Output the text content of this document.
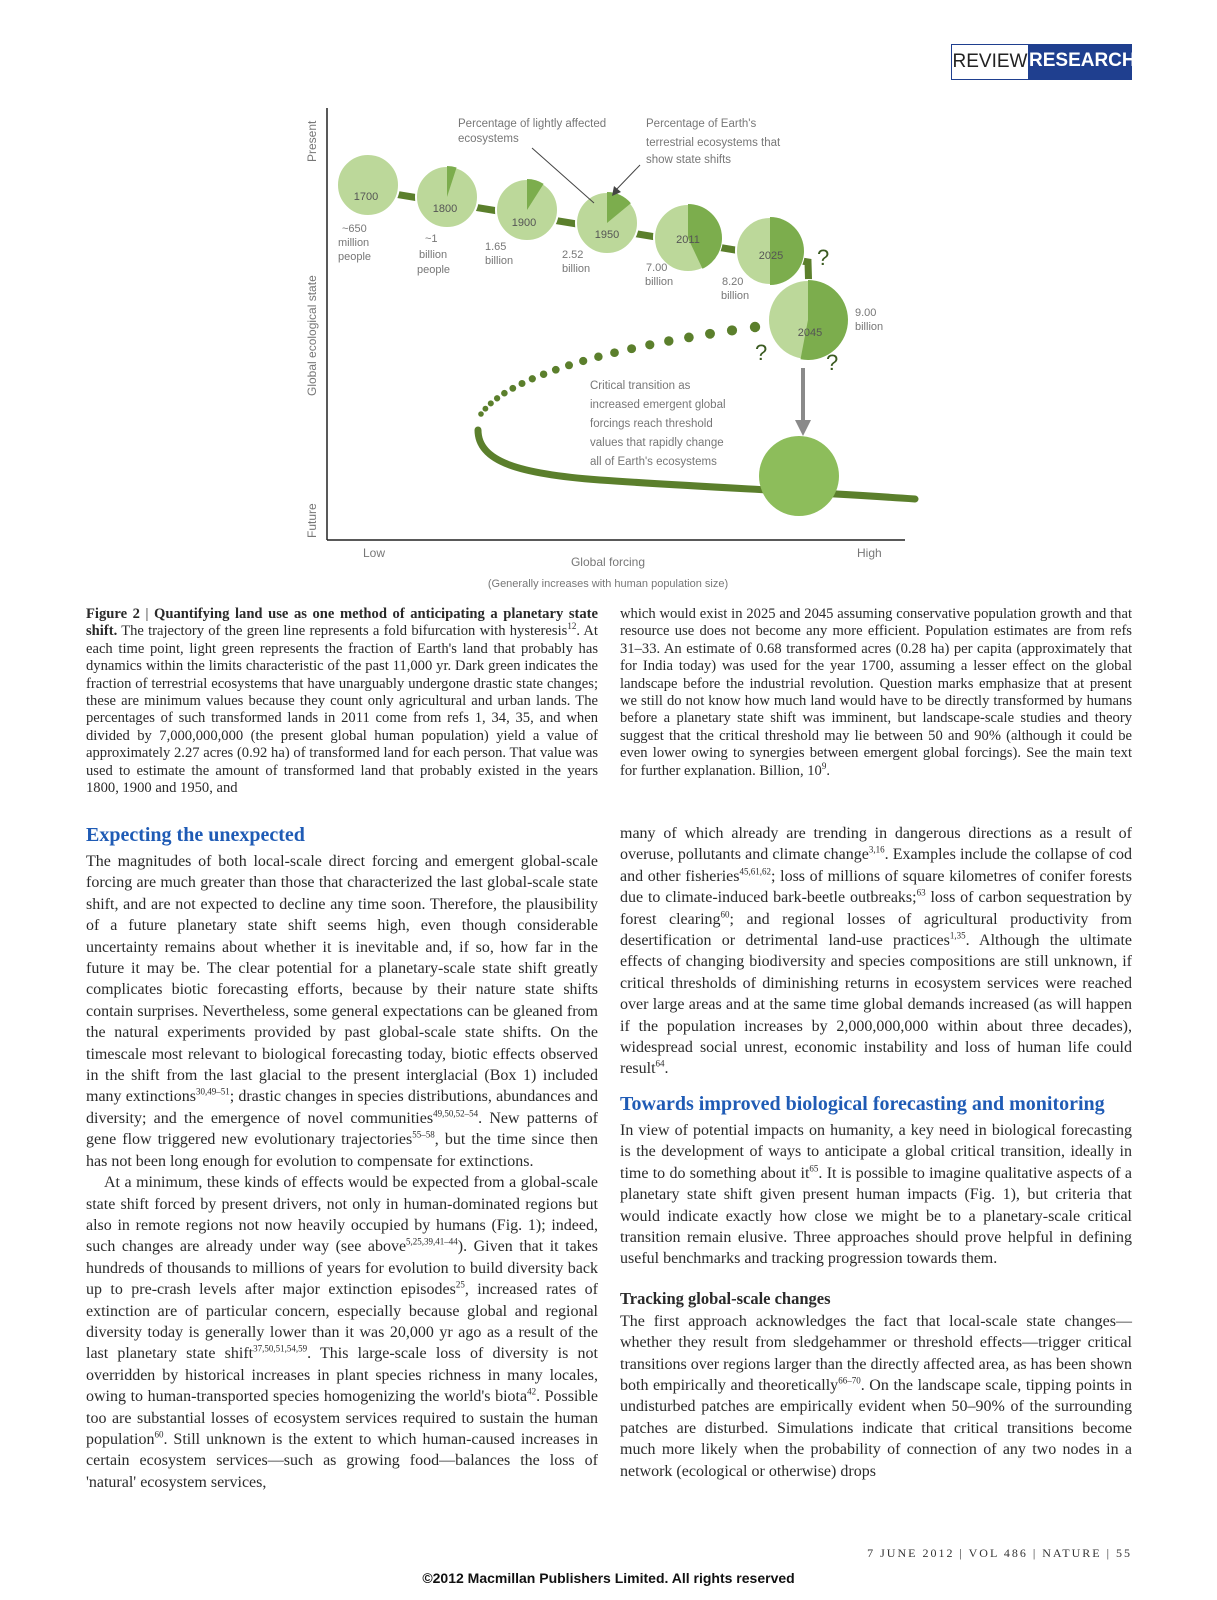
REVIEW RESEARCH
Present
Global ecological state
Future
Low	High
Global forcing
(Generally increases with human population size)
1700
1800
1900
1950	2011
2025
2045
~650
million
people
~1
billion
people
1.65
billion	2.52
billion	7.00
billion	8.20
billion
9.00
billion
Percentage of lightly affected
ecosystems
Percentage of Earth's
terrestrial ecosystems that
show state shifts
Critical transition as
increased emergent global
forcings reach threshold
values that rapidly change
all of Earth's ecosystems
?
?	?

Figure 2 | Quantifying land use as one method of anticipating a planetary state shift. The trajectory of the green line represents a fold bifurcation with hysteresis$^{12}$. At each time point, light green represents the fraction of Earth's land that probably has dynamics within the limits characteristic of the past 11,000 yr. Dark green indicates the fraction of terrestrial ecosystems that have unarguably undergone drastic state changes; these are minimum values because they count only agricultural and urban lands. The percentages of such transformed lands in 2011 come from refs 1, 34, 35, and when divided by 7,000,000,000 (the present global human population) yield a value of approximately 2.27 acres (0.92 ha) of transformed land for each person. That value was used to estimate the amount of transformed land that probably existed in the years 1800, 1900 and 1950, and

which would exist in 2025 and 2045 assuming conservative population growth and that resource use does not become any more efficient. Population estimates are from refs 31–33. An estimate of 0.68 transformed acres (0.28 ha) per capita (approximately that for India today) was used for the year 1700, assuming a lesser effect on the global landscape before the industrial revolution. Question marks emphasize that at present we still do not know how much land would have to be directly transformed by humans before a planetary state shift was imminent, but landscape-scale studies and theory suggest that the critical threshold may lie between 50 and 90% (although it could be even lower owing to synergies between emergent global forcings). See the main text for further explanation. Billion, $10^9$.

Expecting the unexpected

The magnitudes of both local-scale direct forcing and emergent global-scale forcing are much greater than those that characterized the last global-scale state shift, and are not expected to decline any time soon. Therefore, the plausibility of a future planetary state shift seems high, even though considerable uncertainty remains about whether it is inevitable and, if so, how far in the future it may be. The clear potential for a planetary-scale state shift greatly complicates biotic forecasting efforts, because by their nature state shifts contain surprises. Nevertheless, some general expectations can be gleaned from the natural experiments provided by past global-scale state shifts. On the timescale most relevant to biological forecasting today, biotic effects observed in the shift from the last glacial to the present interglacial (Box 1) included many extinctions$^{30,49-51}$; drastic changes in species distributions, abundances and diversity; and the emergence of novel communities$^{49,50,52-54}$. New patterns of gene flow triggered new evolutionary trajectories$^{55-58}$, but the time since then has not been long enough for evolution to compensate for extinctions.

At a minimum, these kinds of effects would be expected from a global-scale state shift forced by present drivers, not only in human-dominated regions but also in remote regions not now heavily occupied by humans (Fig. 1); indeed, such changes are already under way (see above$^{5,25,39,41-44}$). Given that it takes hundreds of thousands to millions of years for evolution to build diversity back up to pre-crash levels after major extinction episodes$^{25}$, increased rates of extinction are of particular concern, especially because global and regional diversity today is generally lower than it was 20,000 yr ago as a result of the last planetary state shift$^{37,50,51,54,59}$. This large-scale loss of diversity is not overridden by historical increases in plant species richness in many locales, owing to human-transported species homogenizing the world's biota$^{42}$. Possible too are substantial losses of ecosystem services required to sustain the human population$^{60}$. Still unknown is the extent to which human-caused increases in certain ecosystem services—such as growing food—balances the loss of 'natural' ecosystem services,

many of which already are trending in dangerous directions as a result of overuse, pollutants and climate change$^{3,16}$. Examples include the collapse of cod and other fisheries$^{45,61,62}$; loss of millions of square kilometres of conifer forests due to climate-induced bark-beetle outbreaks;$^{63}$ loss of carbon sequestration by forest clearing$^{60}$; and regional losses of agricultural productivity from desertification or detrimental land-use practices$^{1,35}$. Although the ultimate effects of changing biodiversity and species compositions are still unknown, if critical thresholds of diminishing returns in ecosystem services were reached over large areas and at the same time global demands increased (as will happen if the population increases by 2,000,000,000 within about three decades), widespread social unrest, economic instability and loss of human life could result$^{64}$.

Towards improved biological forecasting and monitoring

In view of potential impacts on humanity, a key need in biological forecasting is the development of ways to anticipate a global critical transition, ideally in time to do something about $it^{65}$. It is possible to imagine qualitative aspects of a planetary state shift given present human impacts (Fig. 1), but criteria that would indicate exactly how close we might be to a planetary-scale critical transition remain elusive. Three approaches should prove helpful in defining useful benchmarks and tracking progression towards them.

Tracking global-scale changes

The first approach acknowledges the fact that local-scale state changes—whether they result from sledgehammer or threshold effects—trigger critical transitions over regions larger than the directly affected area, as has been shown both empirically and theoretically$^{66-70}$. On the landscape scale, tipping points in undisturbed patches are empirically evident when 50–90% of the surrounding patches are disturbed. Simulations indicate that critical transitions become much more likely when the probability of connection of any two nodes in a network (ecological or otherwise) drops

7 JUNE 2012 | VOL 486 | NATURE | 55
©2012 Macmillan Publishers Limited. All rights reserved
